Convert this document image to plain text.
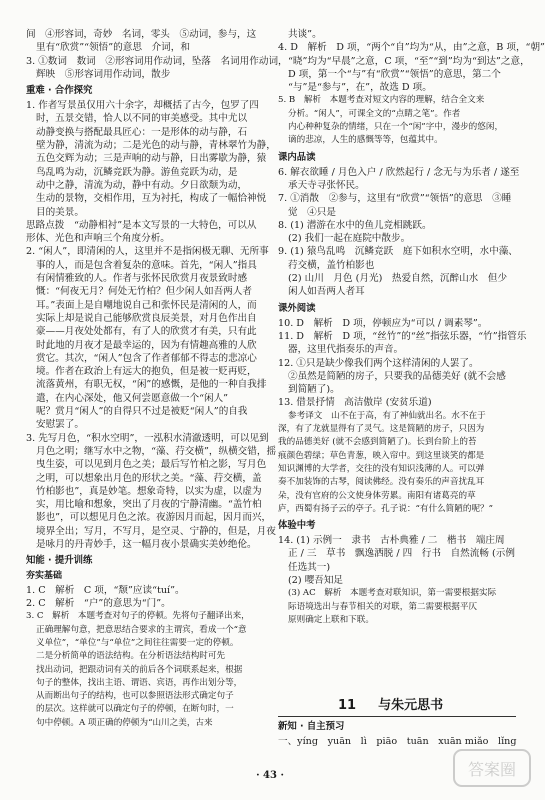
间　④形容词，奇妙　名词，零头　⑤动词，参与，这

里有“欣赏”“领悟”的意思　介词，和

3. ①数词　数词　②形容词用作动词，坠落　名词用作动词，

辉映　⑤形容词用作动词，散步

重难 · 合作探究

1. 作者写景虽仅用六十余字，却概括了古今，包罗了四

时，五景交错，恰人以不同的审美感受。其中尤以

动静变换与搭配最具匠心：一是形体的动与静，石

壁为静，清流为动；二是光色的动与静，青林翠竹为静，

五色交辉为动；三是声响的动与静，日出雾歇为静，猿

鸟乱鸣为动，沉鳞竞跃为静。游鱼竞跃为动，是

动中之静，清流为动，静中有动。夕日欲颓为动，

生动的景物，交相作用，互为衬托，构成了一幅恰神悦

目的美景。

思路点拨　“动静相衬”是本文写景的一大特色，可以从

形体、光色和声响三个角度分析。

2. “闲人”，即清闲的人，这里并不是指闲极无聊、无所事

事的人，而是包含着复杂的意味。首先，“闲人”指具

有闲情雅致的人。作者与张怀民欣赏月夜景致时感

慨：“何夜无月？何处无竹柏？但少闲人如吾两人者

耳。”表面上是自嘲地说自己和张怀民是清闲的人，而

实际上却是说自己能够欣赏良辰美景，对月色作出自

豪——月夜处处都有，有了人的欣赏才有美，只有此

时此地的月夜才是最幸运的，因为有情趣高雅的人欣

赏它。其次，“闲人”包含了作者郁郁不得志的悲凉心

境。作者在政治上有远大的抱负，但是被一贬再贬，

流落黄州，有职无权，“闲”的感慨，是他的一种自我排

遣，在内心深处，他又何尝愿意做一个“闲人”

呢？赏月“闲人”的自得只不过是被贬“闲人”的自我

安慰罢了。

3. 先写月色，“积水空明”，一泓积水清澈透明，可以见到

月色之明；继写水中之物，“藻、荇交横”，纵横交错，摇

曳生姿，可以见到月色之美；最后写竹柏之影，写月色

之明，可以想象出月色的形状之美。“藻、荇交横，盖

竹柏影也”，真是妙笔。想象奇特，以实为虚，以虚为

实，用比喻和想象，突出了月夜的宁静清幽。“盖竹柏

影也”，可以想见月色之浓。夜游因月而起，因月而兴，

境界全出；写月，不写月，是空灵、宁静的，但是，月夜

是咏月的丹青妙手，这一幅月夜小景确实美妙绝伦。

知能 · 提升训练

夯实基础

1. C　解析　C 项，“颓”应读“tuí”。

2. C　解析　“户”的意思为“门”。

3. C　解析　本题考查对句子的停顿。先将句子翻译出来，

正确理解句意，把意思结合要求的主谓宾，看成一个“意

义单位”，“单位”与“单位”之间往往需要一定的停顿。

二是分析简单的语法结构。在分析语法结构时可先

找出动词，把跟动词有关的前后各个词联系起来，根据

句子的整体，找出主语、谓语、宾语，再作出划分等，

从而断出句子的结构，也可以参照语法形式确定句子

的层次。这样就可以确定句子的停顿，在断句时，一

句中停顿。A 项正确的停顿为“山川之美，古来

共谈”。

4. D　解析　D 项，“两个“自”均为“从，由”之意，B 项，“朝”

“晓”均为“早晨”之意，C 项，“至”“到”均为“到达”之意，

D 项，第一个“与”有“欣赏”“领悟”的意思，第二个

“与”是“参与”，在”，故选 D 项。

5. B　解析　本题考查对短文内容的理解，结合全文来

分析。“闲人”，可课全文的“点睛之笔”。作者

内心种种复杂的情绪，只在一个“闲”字中，漫步的悠闲，

谪的悲凉，人生的感慨等等，包蕴其中。

课内品读

6. 解衣欲睡 / 月色入户 / 欣然起行 / 念无与为乐者 / 遂至

承天寺寻张怀民。

7. ①消散　②参与，这里有“欣赏”“领悟”的意思　③睡

觉　④只是

8. (1) 潜游在水中的鱼儿竞相跳跃。

(2) 我们一起在庭院中散步。

9. (1) 猿鸟乱鸣　沉鳞竞跃　庭下如积水空明，水中藻、

荇交横，盖竹柏影也

(2) 山川　月色 (月光)　热爱自然，沉醉山水　但少

闲人如吾两人者耳

课外阅读

10. D　解析　D 项，停顿应为“可以 / 调素琴”。

11. D　解析　D 项，“丝竹”的“丝”指弦乐器，“竹”指管乐

器，这里代指奏乐的声音。

12. ①只是缺少像我们两个这样清闲的人罢了。

②虽然是简陋的房子，只要我的品德美好 (就不会感

到简陋了)。

13. 借景抒情　高洁傲岸 (安贫乐道)

参考译文　山不在于高，有了神仙就出名。水不在于

深，有了龙就显得有了灵气。这是简陋的房子，只因为

我的品德美好 (就不会感到简陋了)。长到台阶上的苔

痕颜色碧绿；草色青葱，映入帘中。到这里谈笑的都是

知识渊博的大学者，交往的没有知识浅薄的人。可以弹

奏不加装饰的古琴，阅读佛经。没有奏乐的声音扰乱耳

朵，没有官府的公文使身体劳累。南阳有诸葛亮的草

庐，西蜀有扬子云的亭子。孔子说：“有什么简陋的呢？”

体验中考

14. (1) 示例一　隶书　古朴典雅 / 二　楷书　端庄周

正 / 三　草书　飘逸洒脱 / 四　行书　自然流畅 (示例

任选其一)

(2) 嘤吾知足

(3) AC　解析　本题考查对联知识，第一需要根据实际

际语境选出与春节相关的对联，第二需要根据平仄

原则确定上联和下联。

11 　 与朱元思书

新知 · 自主预习

一、yíng　yuān　lì　piāo　tuān　xuān miǎo　lǐng

· 43 ·	答案圈
